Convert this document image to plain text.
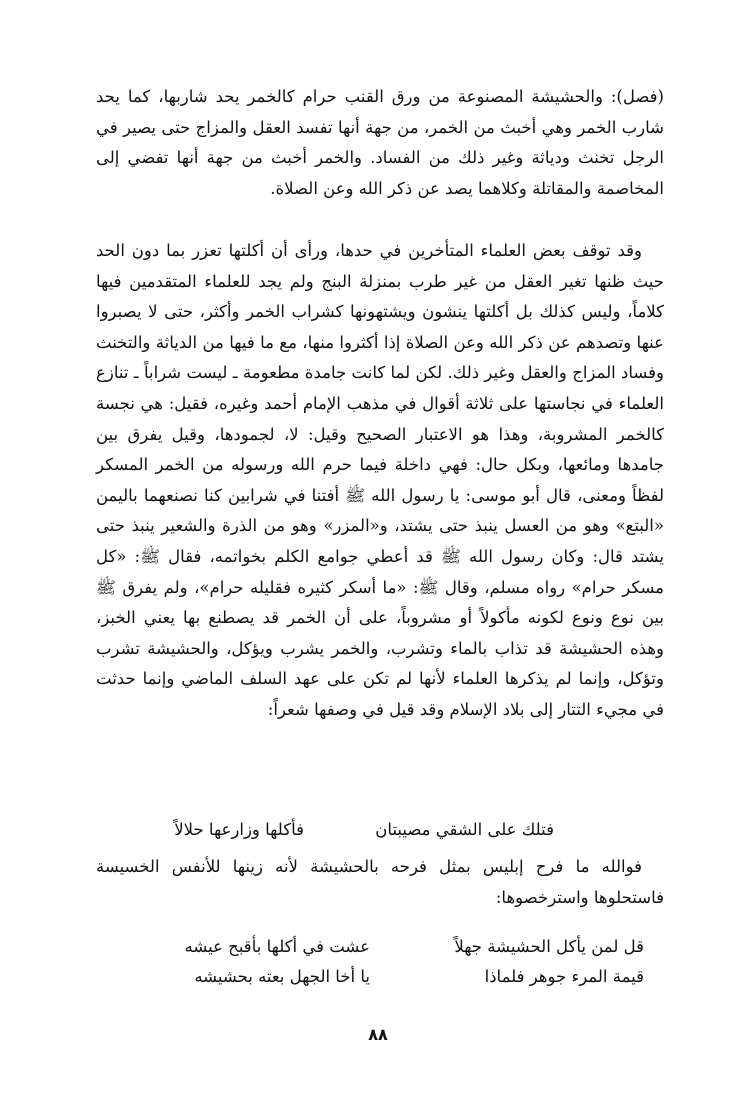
(فصل): والحشيشة المصنوعة من ورق القنب حرام كالخمر يحد شاربها، كما يحد شارب الخمر وهي أخبث من الخمر، من جهة أنها تفسد العقل والمزاج حتى يصير في الرجل تخنث ودياثة وغير ذلك من الفساد. والخمر أخبث من جهة أنها تفضي إلى المخاصمة والمقاتلة وكلاهما يصد عن ذكر الله وعن الصلاة.

وقد توقف بعض العلماء المتأخرين في حدها، ورأى أن أكلتها تعزر بما دون الحد حيث ظنها تغير العقل من غير طرب بمنزلة البنج ولم يجد للعلماء المتقدمين فيها كلاماً، وليس كذلك بل أكلتها ينشون ويشتهونها كشراب الخمر وأكثر، حتى لا يصبروا عنها وتصدهم عن ذكر الله وعن الصلاة إذا أكثروا منها، مع ما فيها من الدياثة والتخنث وفساد المزاج والعقل وغير ذلك. لكن لما كانت جامدة مطعومة ـ ليست شراباً ـ تنازع العلماء في نجاستها على ثلاثة أقوال في مذهب الإمام أحمد وغيره، فقيل: هي نجسة كالخمر المشروبة، وهذا هو الاعتبار الصحيح وقيل: لا، لجمودها، وقيل يفرق بين جامدها ومائعها، وبكل حال: فهي داخلة فيما حرم الله ورسوله من الخمر المسكر لفظاً ومعنى، قال أبو موسى: يا رسول الله ﷺ أفتنا في شرابين كنا نصنعهما باليمن «البتع» وهو من العسل ينبذ حتى يشتد، و«المزر» وهو من الذرة والشعير ينبذ حتى يشتد قال: وكان رسول الله ﷺ قد أعطي جوامع الكلم بخواتمه، فقال ﷺ: «كل مسكر حرام» رواه مسلم، وقال ﷺ: «ما أسكر كثيره فقليله حرام»، ولم يفرق ﷺ بين نوع ونوع لكونه مأكولاً أو مشروباً، على أن الخمر قد يصطنع بها يعني الخبز، وهذه الحشيشة قد تذاب بالماء وتشرب، والخمر يشرب ويؤكل، والحشيشة تشرب وتؤكل، وإنما لم يذكرها العلماء لأنها لم تكن على عهد السلف الماضي وإنما حدثت في مجيء التتار إلى بلاد الإسلام وقد قيل في وصفها شعراً:

فأكلها وزارعها حلالاً	فتلك على الشقي مصيبتان

فوالله ما فرح إبليس بمثل فرحه بالحشيشة لأنه زينها للأنفس الخسيسة فاستحلوها واسترخصوها:

قل لمن يأكل الحشيشة جهلاً
عشت في أكلها بأقبح عيشه
قيمة المرء جوهر فلماذا
يا أخا الجهل بعته بحشيشه
٨٨
